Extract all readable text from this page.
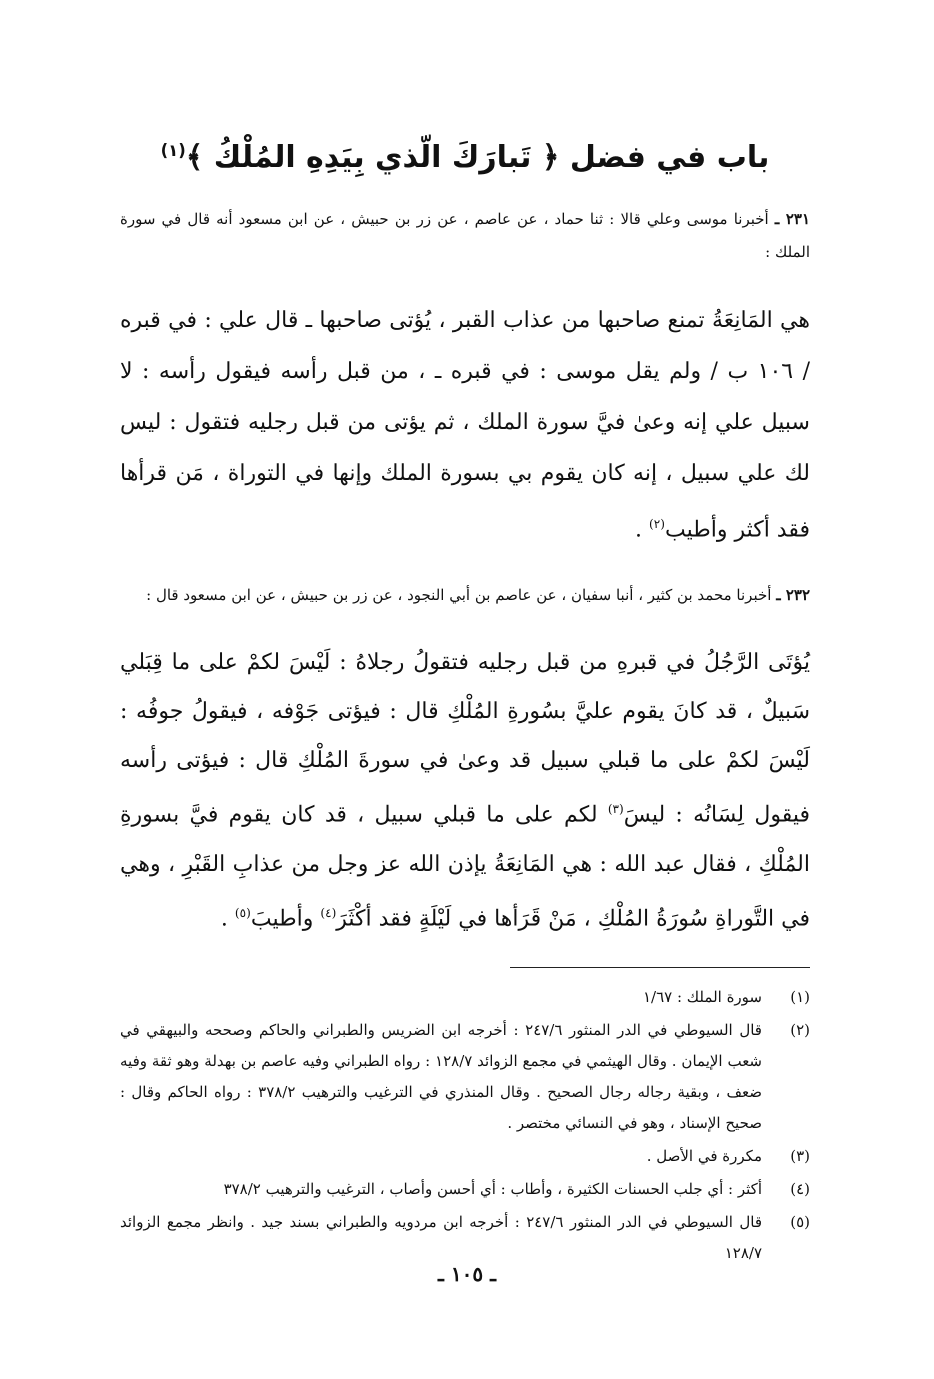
باب في فضل ﴿ تَبارَكَ الّذي بِيَدِهِ المُلْكُ ﴾$^{(١)}$

٢٣١ ـ أخبرنا موسى وعلي قالا : ثنا حماد ، عن عاصم ، عن زر بن حبيش ، عن ابن مسعود أنه قال في سورة الملك :

هي المَانِعَةُ تمنع صاحبها من عذاب القبر ، يُؤتى صاحبها ـ قال علي : في قبره / ١٠٦ ب / ولم يقل موسى : في قبره ـ ، من قبل رأسه فيقول رأسه : لا سبيل علي إنه وعىٰ فيَّ سورة الملك ، ثم يؤتى من قبل رجليه فتقول : ليس لك علي سبيل ، إنه كان يقوم بي بسورة الملك وإنها في التوراة ، مَن قرأها فقد أكثر وأطيب$^{(٢)}$ .

٢٣٢ ـ أخبرنا محمد بن كثير ، أنبا سفيان ، عن عاصم بن أبي النجود ، عن زر بن حبيش ، عن ابن مسعود قال :

يُؤتَى الرَّجُلُ في قبرهِ من قبل رجليه فتقولُ رجلاهُ : لَيْسَ لكمْ على ما قِبَلي سَبيلٌ ، قد كانَ يقوم عليَّ بسُورةِ المُلْكِ قال : فيؤتى جَوْفه ، فيقولُ جوفُه : لَيْسَ لكمْ على ما قبلي سبيل قد وعىٰ في سورةَ المُلْكِ قال : فيؤتى رأسه فيقول لِسَانُه : ليسَ$^{(٣)}$ لكم على ما قبلي سبيل ، قد كان يقوم فيَّ بسورةِ المُلْكِ ، فقال عبد الله : هي المَانِعَةُ يإذن الله عز وجل من عذابِ القَبْرِ ، وهي في التَّوراةِ سُورَةُ المُلْكِ ، مَنْ قَرَأها في لَيْلَةٍ فقد أكْثَرَ$^{(٤)}$ وأطيبَ$^{(٥)}$ .

(١)
سورة الملك : ١/٦٧
(٢)
قال السيوطي في الدر المنثور ٢٤٧/٦ : أخرجه ابن الضريس والطبراني والحاكم وصححه والبيهقي في شعب الإيمان . وقال الهيثمي في مجمع الزوائد ١٢٨/٧ : رواه الطبراني وفيه عاصم بن بهدلة وهو ثقة وفيه ضعف ، وبقية رجاله رجال الصحيح . وقال المنذري في الترغيب والترهيب ٣٧٨/٢ : رواه الحاكم وقال : صحيح الإسناد ، وهو في النسائي مختصر .
(٣)
مكررة في الأصل .
(٤)
أكثر : أي جلب الحسنات الكثيرة ، وأطاب : أي أحسن وأصاب ، الترغيب والترهيب ٣٧٨/٢
(٥)
قال السيوطي في الدر المنثور ٢٤٧/٦ : أخرجه ابن مردويه والطبراني بسند جيد . وانظر مجمع الزوائد ١٢٨/٧
ـ ١٠٥ ـ
